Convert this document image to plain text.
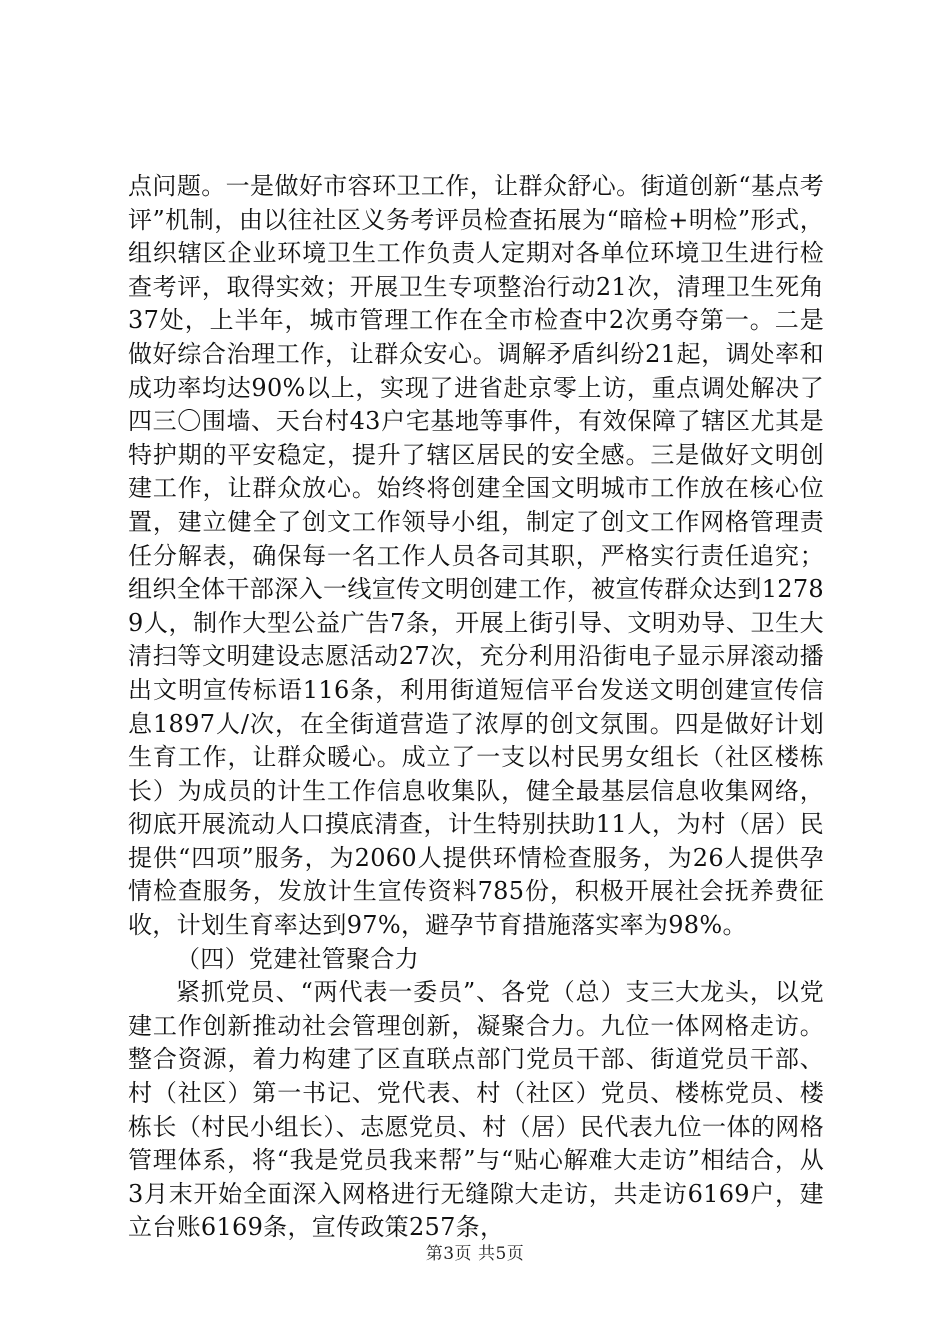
点问题。一是做好市容环卫工作，让群众舒心。街道创新“基点考评”机制，由以往社区义务考评员检查拓展为“暗检+明检”形式，组织辖区企业环境卫生工作负责人定期对各单位环境卫生进行检查考评，取得实效；开展卫生专项整治行动21次，清理卫生死角37处，上半年，城市管理工作在全市检查中2次勇夺第一。二是做好综合治理工作，让群众安心。调解矛盾纠纷21起，调处率和成功率均达90%以上，实现了进省赴京零上访，重点调处解决了四三〇围墙、天台村43户宅基地等事件，有效保障了辖区尤其是特护期的平安稳定，提升了辖区居民的安全感。三是做好文明创建工作，让群众放心。始终将创建全国文明城市工作放在核心位置，建立健全了创文工作领导小组，制定了创文工作网格管理责任分解表，确保每一名工作人员各司其职，严格实行责任追究；组织全体干部深入一线宣传文明创建工作，被宣传群众达到12789人，制作大型公益广告7条，开展上街引导、文明劝导、卫生大清扫等文明建设志愿活动27次，充分利用沿街电子显示屏滚动播出文明宣传标语116条，利用街道短信平台发送文明创建宣传信息1897人/次，在全街道营造了浓厚的创文氛围。四是做好计划生育工作，让群众暖心。成立了一支以村民男女组长（社区楼栋长）为成员的计生工作信息收集队，健全最基层信息收集网络，彻底开展流动人口摸底清查，计生特别扶助11人，为村（居）民提供“四项”服务，为2060人提供环情检查服务，为26人提供孕情检查服务，发放计生宣传资料785份，积极开展社会抚养费征收，计划生育率达到97%，避孕节育措施落实率为98%。

（四）党建社管聚合力

紧抓党员、“两代表一委员”、各党（总）支三大龙头，以党建工作创新推动社会管理创新，凝聚合力。九位一体网格走访。整合资源，着力构建了区直联点部门党员干部、街道党员干部、村（社区）第一书记、党代表、村（社区）党员、楼栋党员、楼栋长（村民小组长）、志愿党员、村（居）民代表九位一体的网格管理体系，将“我是党员我来帮”与“贴心解难大走访”相结合，从3月末开始全面深入网格进行无缝隙大走访，共走访6169户，建立台账6169条，宣传政策257条，

第3页 共5页
